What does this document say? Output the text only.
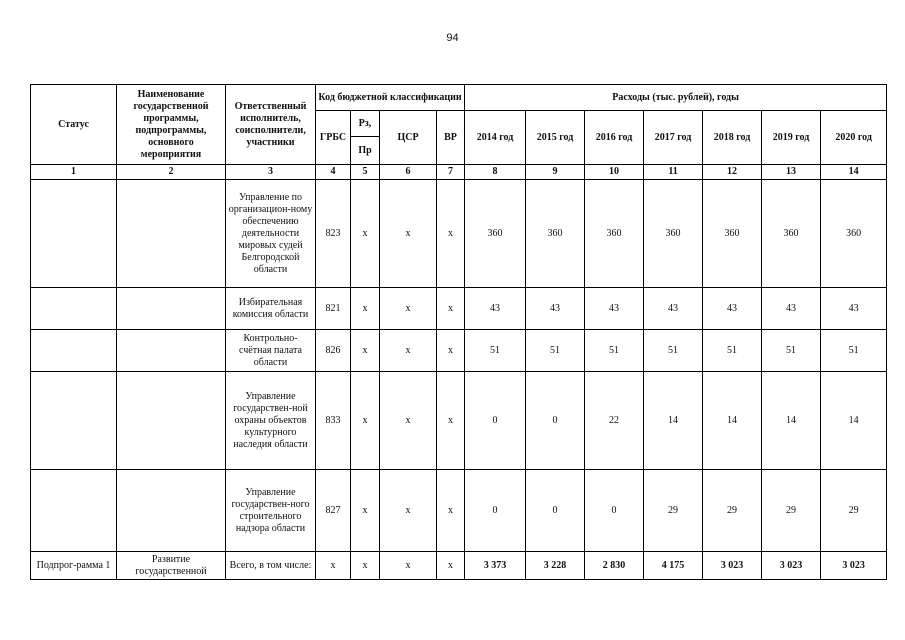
94
Статус	Наименование государственной программы, подпрограммы, основного мероприятия	Ответственный исполнитель, соисполнители, участники	Код бюджетной классификации				Расходы (тыс. рублей), годы						
			ГРБС	Рз,	ЦСР	ВР	2014 год	2015 год	2016 год	2017 год	2018 год	2019 год	2020 год
				Пр									
1	2	3	4	5	6	7	8	9	10	11	12	13	14
		Управление по организацион-ному обеспечению деятельности мировых судей Белгородской области	823	х	х	х	360	360	360	360	360	360	360
		Избирательная комиссия области	821	х	х	х	43	43	43	43	43	43	43
		Контрольно-счётная палата области	826	х	х	х	51	51	51	51	51	51	51
		Управление государствен-ной охраны объектов культурного наследия области	833	х	х	х	0	0	22	14	14	14	14
		Управление государствен-ного строительного надзора области	827	х	х	х	0	0	0	29	29	29	29
Подпрог-рамма 1	Развитие государственной	Всего, в том числе:	х	х	х	х	3 373	3 228	2 830	4 175	3 023	3 023	3 023
